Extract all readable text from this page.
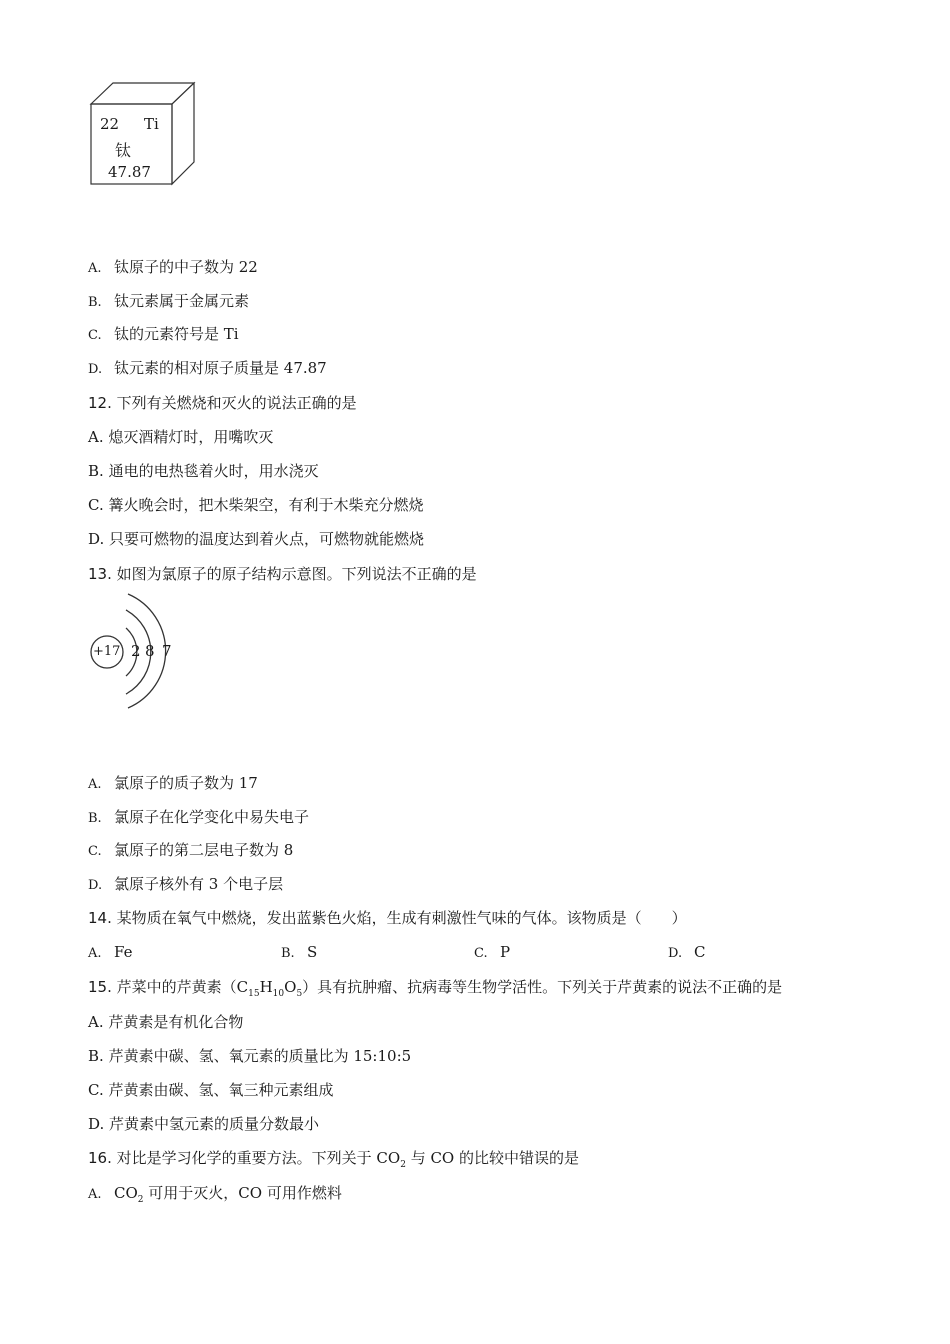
22 Ti
钛
47.87
A. 钛原子的中子数为 22
B. 钛元素属于金属元素
C. 钛的元素符号是 Ti
D. 钛元素的相对原子质量是 47.87
12. 下列有关燃烧和灭火的说法正确的是
A. 熄灭酒精灯时，用嘴吹灭
B. 通电的电热毯着火时，用水浇灭
C. 篝火晚会时，把木柴架空，有利于木柴充分燃烧
D. 只要可燃物的温度达到着火点，可燃物就能燃烧
13. 如图为氯原子的原子结构示意图。下列说法不正确的是
+17 2 8 7
A. 氯原子的质子数为 17
B. 氯原子在化学变化中易失电子
C. 氯原子的第二层电子数为 8
D. 氯原子核外有 3 个电子层
14. 某物质在氧气中燃烧，发出蓝紫色火焰，生成有刺激性气味的气体。该物质是（　　）
A. Fe	B. S	C. P	D. C
15. 芹菜中的芹黄素$(C_{15}H_{10}O_5)$具有抗肿瘤、抗病毒等生物学活性。下列关于芹黄素的说法不正确的是
A. 芹黄素是有机化合物
B. 芹黄素中碳、氢、氧元素的质量比为 15:10:5
C. 芹黄素由碳、氢、氧三种元素组成
D. 芹黄素中氢元素的质量分数最小
16. 对比是学习化学的重要方法。下列关于 $CO_2$ 与 CO 的比较中错误的是
A. $CO_2$ 可用于灭火，CO 可用作燃料
